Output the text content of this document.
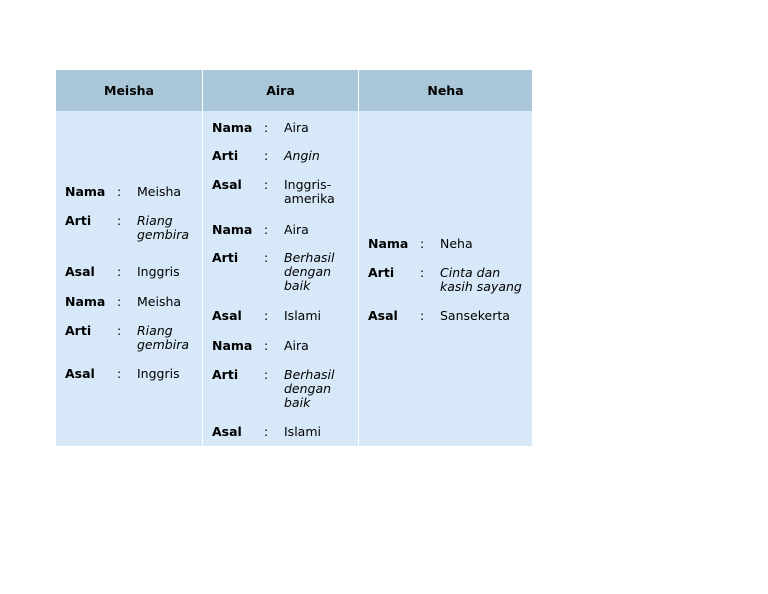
Meisha	Aira	Neha
Nama : Meisha
Arti : Riang gembira
Asal : Inggris
Nama : Meisha
Arti : Riang gembira
Asal : Inggris
Nama : Aira
Arti : Angin
Asal : Inggris-amerika
Nama : Aira
Arti : Berhasil dengan baik
Asal : Islami
Nama : Aira
Arti : Berhasil dengan baik
Asal : Islami
Nama : Neha
Arti : Cinta dan kasih sayang
Asal : Sansekerta
